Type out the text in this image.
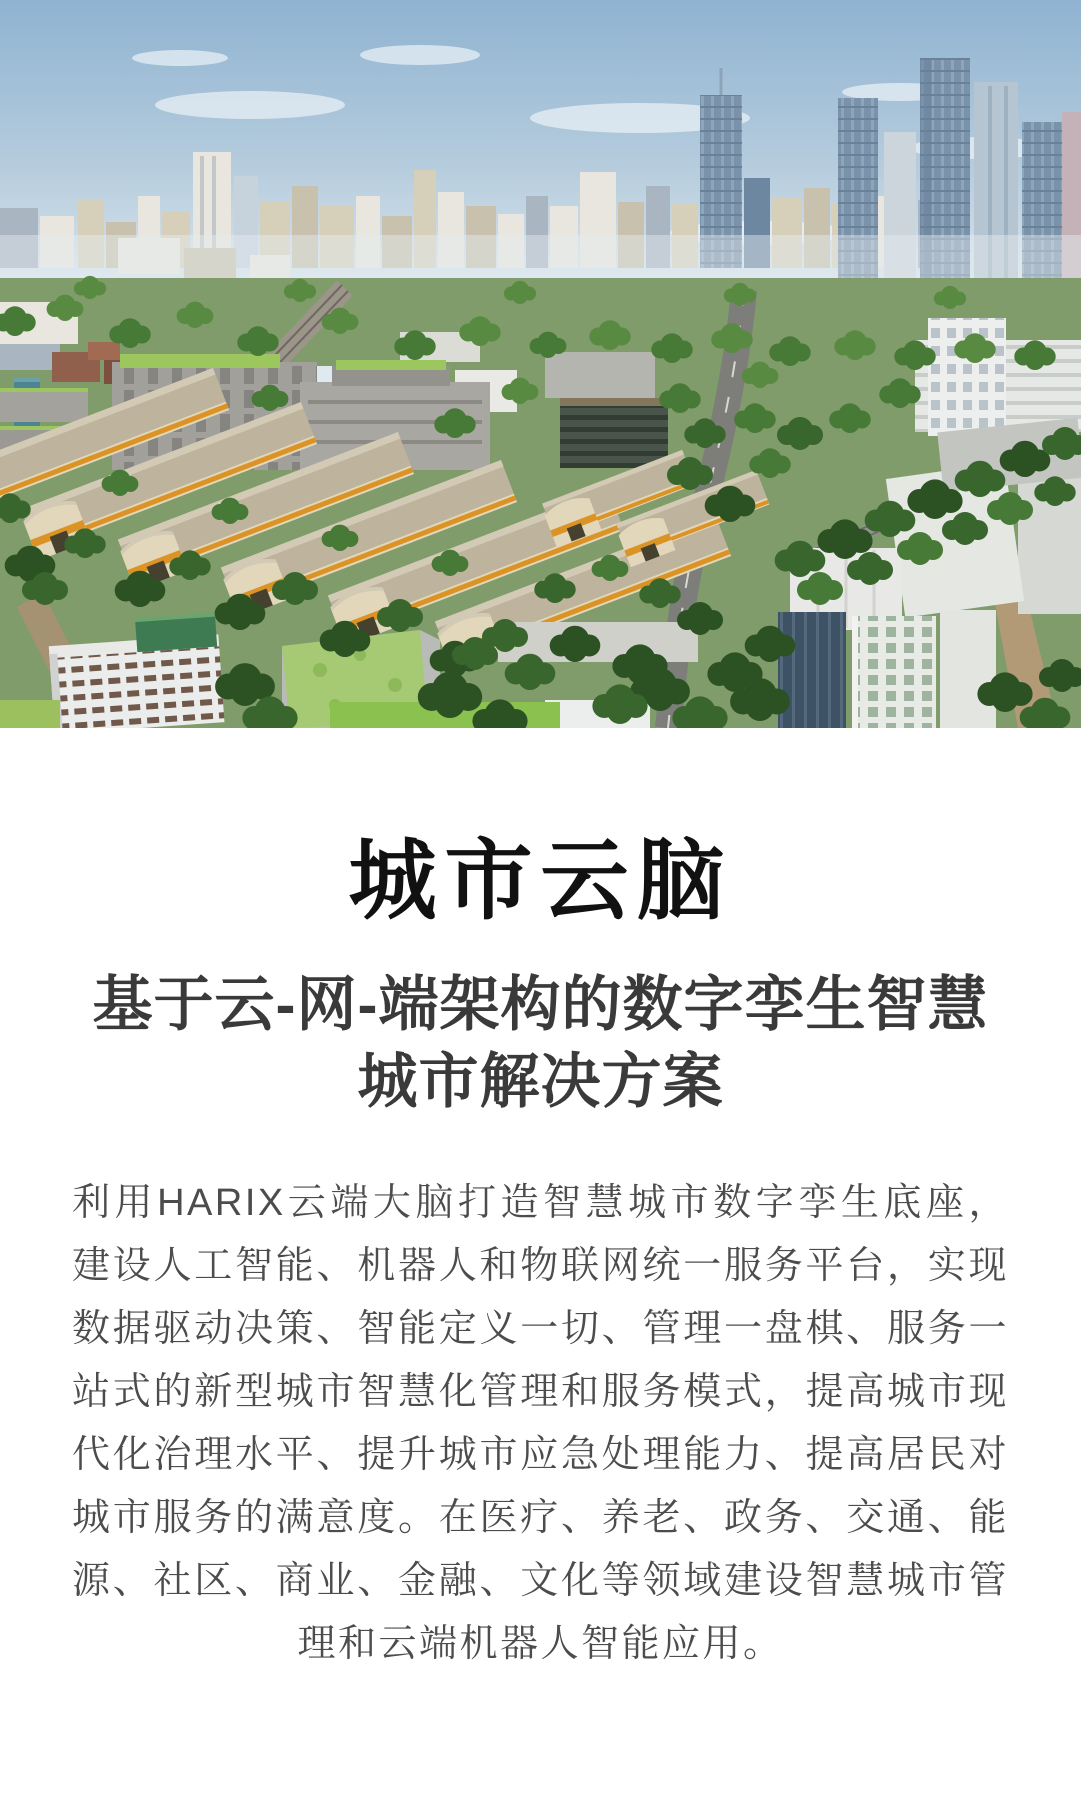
城市云脑
基于云-网-端架构的数字孪生智慧
城市解决方案

利用HARIX云端大脑打造智慧城市数字孪生底座，建设人工智能、机器人和物联网统一服务平台，实现数据驱动决策、智能定义一切、管理一盘棋、服务一站式的新型城市智慧化管理和服务模式，提高城市现代化治理水平、提升城市应急处理能力、提高居民对城市服务的满意度。在医疗、养老、政务、交通、能源、社区、商业、金融、文化等领域建设智慧城市管理和云端机器人智能应用。
